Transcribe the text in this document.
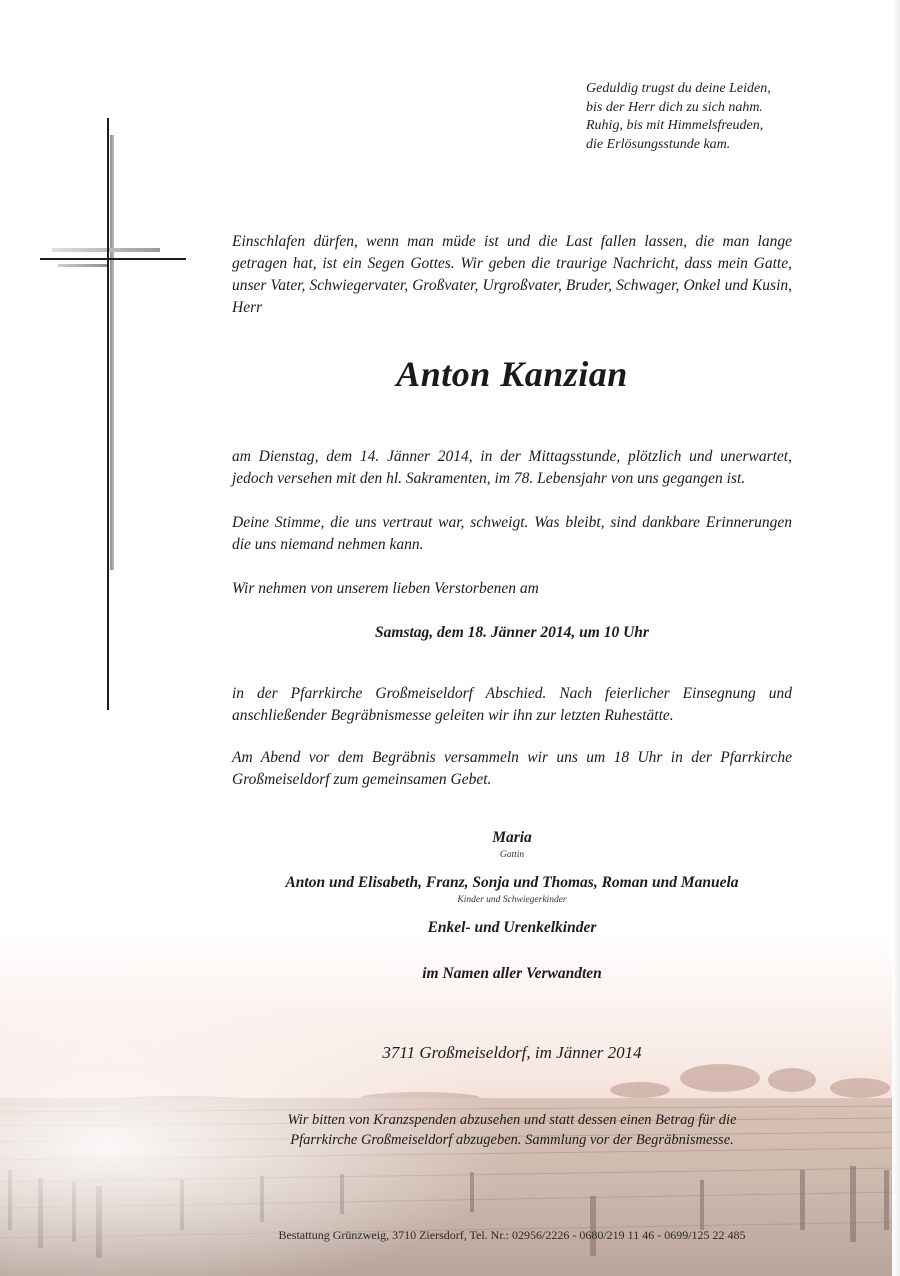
Geduldig trugst du deine Leiden,
bis der Herr dich zu sich nahm.
Ruhig, bis mit Himmelsfreuden,
die Erlösungsstunde kam.
Einschlafen dürfen, wenn man müde ist und die Last fallen lassen, die man lange getragen hat, ist ein Segen Gottes. Wir geben die traurige Nachricht, dass mein Gatte, unser Vater, Schwiegervater, Großvater, Urgroßvater, Bruder, Schwager, Onkel und Kusin, Herr
Anton Kanzian
am Dienstag, dem 14. Jänner 2014, in der Mittagsstunde, plötzlich und unerwartet, jedoch versehen mit den hl. Sakramenten, im 78. Lebensjahr von uns gegangen ist.
Deine Stimme, die uns vertraut war, schweigt. Was bleibt, sind dankbare Erinnerungen die uns niemand nehmen kann.
Wir nehmen von unserem lieben Verstorbenen am
Samstag, dem 18. Jänner 2014, um 10 Uhr
in der Pfarrkirche Großmeiseldorf Abschied. Nach feierlicher Einsegnung und anschließender Begräbnismesse geleiten wir ihn zur letzten Ruhestätte.
Am Abend vor dem Begräbnis versammeln wir uns um 18 Uhr in der Pfarrkirche Großmeiseldorf zum gemeinsamen Gebet.
Maria
Gattin
Anton und Elisabeth, Franz, Sonja und Thomas, Roman und Manuela
Kinder und Schwiegerkinder
Enkel- und Urenkelkinder
im Namen aller Verwandten
3711 Großmeiseldorf, im Jänner 2014
Wir bitten von Kranzspenden abzusehen und statt dessen einen Betrag für die
Pfarrkirche Großmeiseldorf abzugeben. Sammlung vor der Begräbnismesse.
Bestattung Grünzweig, 3710 Ziersdorf, Tel. Nr.: 02956/2226 - 0680/219 11 46 - 0699/125 22 485
